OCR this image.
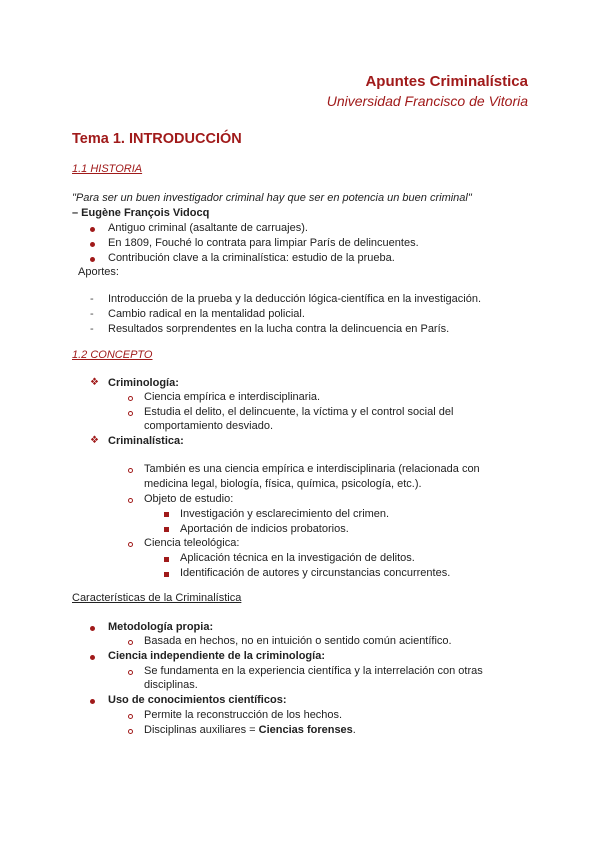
Apuntes Criminalística
Universidad Francisco de Vitoria
Tema 1. INTRODUCCIÓN
1.1 HISTORIA
"Para ser un buen investigador criminal hay que ser en potencia un buen criminal"
– Eugène François Vidocq
Antiguo criminal (asaltante de carruajes).
En 1809, Fouché lo contrata para limpiar París de delincuentes.
Contribución clave a la criminalística: estudio de la prueba.
Aportes:
- Introducción de la prueba y la deducción lógica-científica en la investigación.
- Cambio radical en la mentalidad policial.
- Resultados sorprendentes en la lucha contra la delincuencia en París.
1.2 CONCEPTO
❖ Criminología:
Ciencia empírica e interdisciplinaria.
Estudia el delito, el delincuente, la víctima y el control social del
comportamiento desviado.
❖ Criminalística:
También es una ciencia empírica e interdisciplinaria (relacionada con
medicina legal, biología, física, química, psicología, etc.).
Objeto de estudio:
Investigación y esclarecimiento del crimen.
Aportación de indicios probatorios.
Ciencia teleológica:
Aplicación técnica en la investigación de delitos.
Identificación de autores y circunstancias concurrentes.
Características de la Criminalística
Metodología propia:
Basada en hechos, no en intuición o sentido común acientífico.
Ciencia independiente de la criminología:
Se fundamenta en la experiencia científica y la interrelación con otras
disciplinas.
Uso de conocimientos científicos:
Permite la reconstrucción de los hechos.
Disciplinas auxiliares = Ciencias forenses.
